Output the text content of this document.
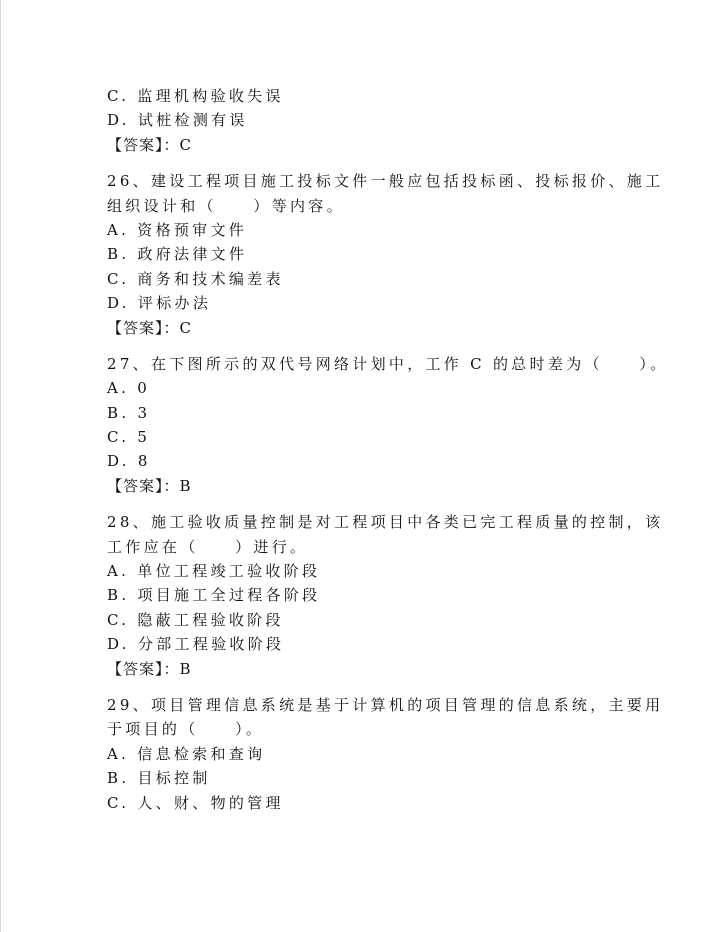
C. 监理机构验收失误
D. 试桩检测有误
【答案】：C
26、建设工程项目施工投标文件一般应包括投标函、投标报价、施工
组织设计和（　　）等内容。
A. 资格预审文件
B. 政府法律文件
C. 商务和技术编差表
D. 评标办法
【答案】：C
27、在下图所示的双代号网络计划中，工作 C 的总时差为（　　）。
A. 0
B. 3
C. 5
D. 8
【答案】：B
28、施工验收质量控制是对工程项目中各类已完工程质量的控制，该
工作应在（　　）进行。
A. 单位工程竣工验收阶段
B. 项目施工全过程各阶段
C. 隐蔽工程验收阶段
D. 分部工程验收阶段
【答案】：B
29、项目管理信息系统是基于计算机的项目管理的信息系统，主要用
于项目的（　　）。
A. 信息检索和查询
B. 目标控制
C. 人、财、物的管理
